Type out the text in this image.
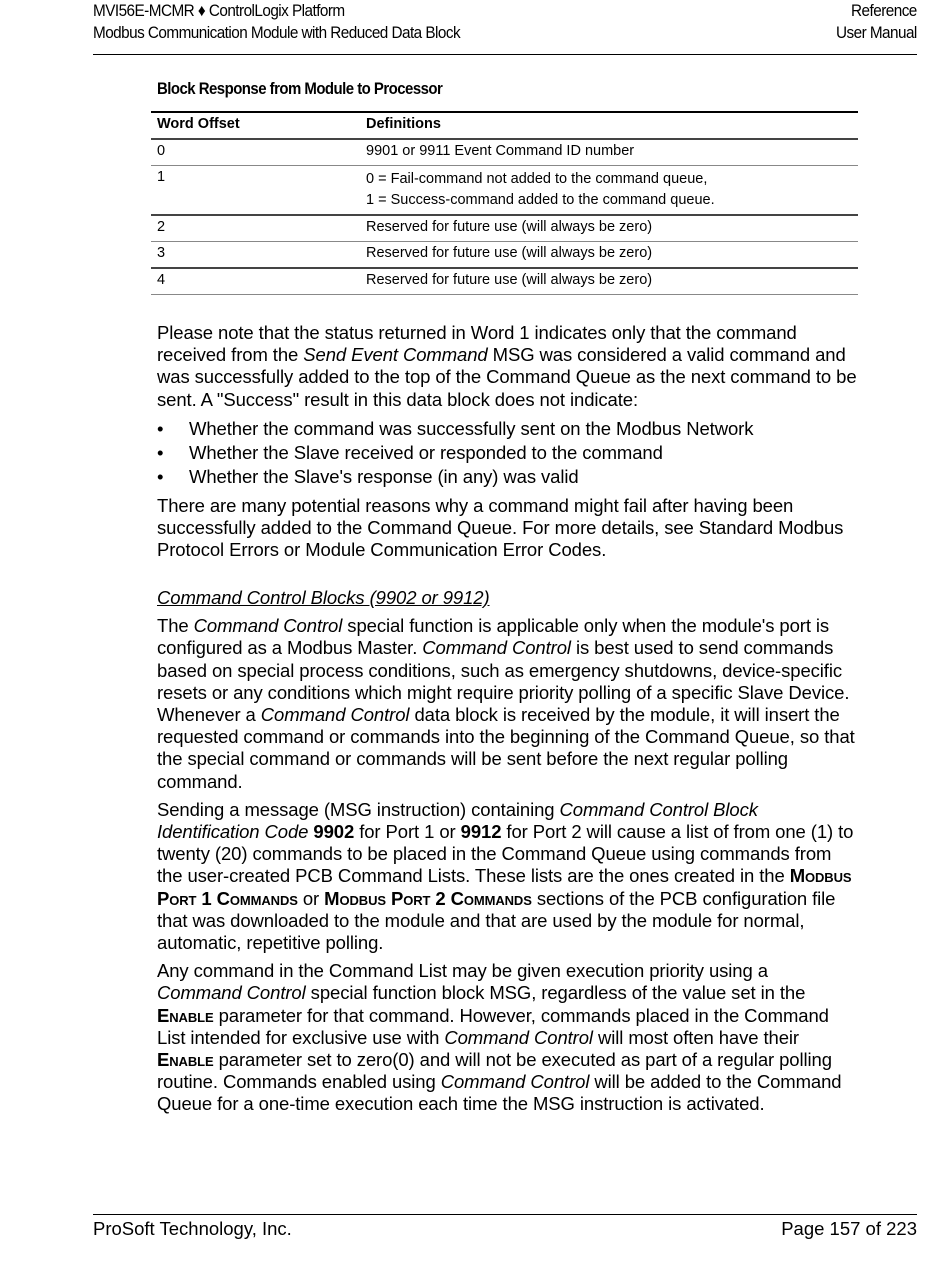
MVI56E-MCMR ♦ ControlLogix Platform
Modbus Communication Module with Reduced Data Block
Reference
User Manual
Block Response from Module to Processor
Word Offset	Definitions
0	9901 or 9911 Event Command ID number
1	0 = Fail-command not added to the command queue,
1 = Success-command added to the command queue.

2	Reserved for future use (will always be zero)
3	Reserved for future use (will always be zero)
4	Reserved for future use (will always be zero)

Please note that the status returned in Word 1 indicates only that the command received from the Send Event Command MSG was considered a valid command and was successfully added to the top of the Command Queue as the next command to be sent. A "Success" result in this data block does not indicate:

• Whether the command was successfully sent on the Modbus Network
• Whether the Slave received or responded to the command
• Whether the Slave's response (in any) was valid

There are many potential reasons why a command might fail after having been successfully added to the Command Queue. For more details, see Standard Modbus Protocol Errors or Module Communication Error Codes.

Command Control Blocks (9902 or 9912)

The Command Control special function is applicable only when the module's port is configured as a Modbus Master. Command Control is best used to send commands based on special process conditions, such as emergency shutdowns, device-specific resets or any conditions which might require priority polling of a specific Slave Device. Whenever a Command Control data block is received by the module, it will insert the requested command or commands into the beginning of the Command Queue, so that the special command or commands will be sent before the next regular polling command.

Sending a message (MSG instruction) containing Command Control Block Identification Code 9902 for Port 1 or 9912 for Port 2 will cause a list of from one (1) to twenty (20) commands to be placed in the Command Queue using commands from the user-created PCB Command Lists. These lists are the ones created in the Modbus Port 1 Commands or Modbus Port 2 Commands sections of the PCB configuration file that was downloaded to the module and that are used by the module for normal, automatic, repetitive polling.

Any command in the Command List may be given execution priority using a Command Control special function block MSG, regardless of the value set in the Enable parameter for that command. However, commands placed in the Command List intended for exclusive use with Command Control will most often have their Enable parameter set to zero(0) and will not be executed as part of a regular polling routine. Commands enabled using Command Control will be added to the Command Queue for a one-time execution each time the MSG instruction is activated.

ProSoft Technology, Inc.	Page 157 of 223
